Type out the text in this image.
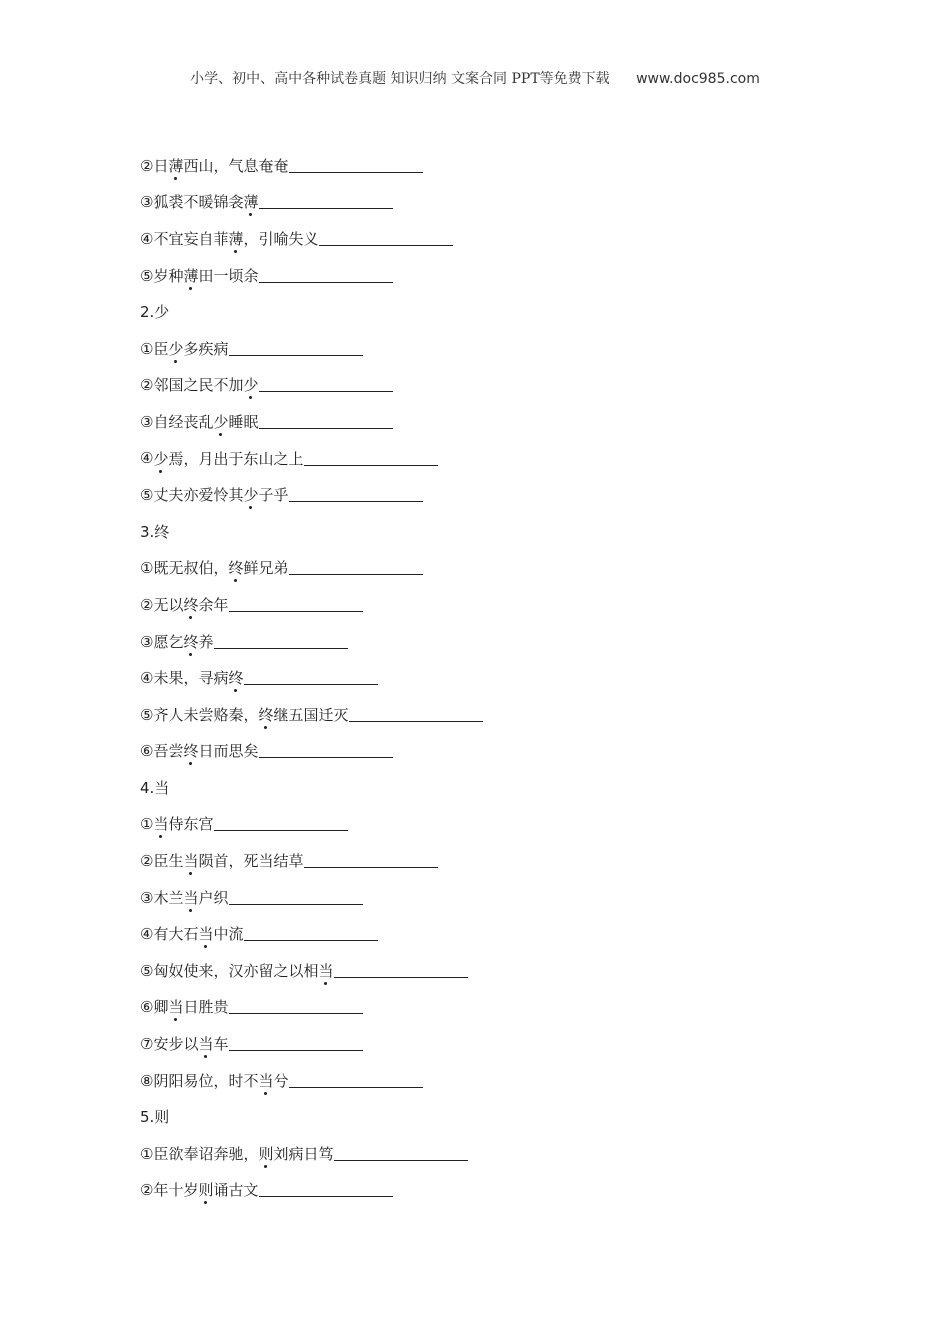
小学、初中、高中各种试卷真题 知识归纳 文案合同 PPT等免费下载 www.doc985.com
②日 薄 西山，气息奄奄
③狐裘不暖锦衾 薄
④不宜妄自菲 薄 ，引喻失义
⑤岁种 薄 田一顷余
2.少
①臣 少 多疾病
②邻国之民不加 少
③自经丧乱 少 睡眠
④ 少 焉，月出于东山之上
⑤丈夫亦爱怜其 少 子乎
3.终
①既无叔伯， 终 鲜兄弟
②无以 终 余年
③愿乞 终 养
④未果，寻病 终
⑤齐人未尝赂秦， 终 继五国迁灭
⑥吾尝 终 日而思矣
4.当
① 当 侍东宫
②臣生 当 陨首，死当结草
③木兰 当 户织
④有大石 当 中流
⑤匈奴使来，汉亦留之以相 当
⑥卿 当 日胜贵
⑦安步以 当 车
⑧阴阳易位，时不 当 兮
5.则
①臣欲奉诏奔驰， 则 刘病日笃
②年十岁 则 诵古文
